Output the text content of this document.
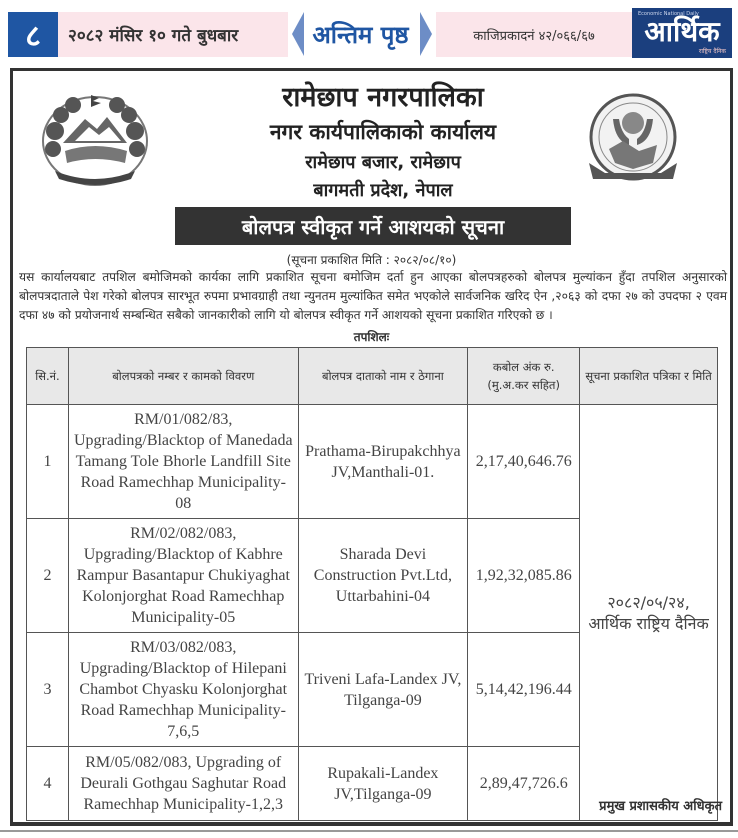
८	२०८२ मंसिर १० गते बुधबार	अन्तिम पृष्ठ	काजिप्रकादनं ४२/०६६/६७
Economic National Daily
आर्थिक
राष्ट्रिय दैनिक
रामेछाप नगरपालिका
नगर कार्यपालिकाको कार्यालय
रामेछाप बजार, रामेछाप
बागमती प्रदेश, नेपाल
बोलपत्र स्वीकृत गर्ने आशयको सूचना
(सूचना प्रकाशित मिति : २०८२/०८/१०)

यस कार्यालयबाट तपशिल बमोजिमको कार्यका लागि प्रकाशित सूचना बमोजिम दर्ता हुन आएका बोलपत्रहरुको बोलपत्र मुल्यांकन हुँदा तपशिल अनुसारको बोलपत्रदाताले पेश गरेको बोलपत्र सारभूत रुपमा प्रभावग्राही तथा न्युनतम मुल्यांकित समेत भएकोले सार्वजनिक खरिद ऐन ,२०६३ को दफा २७ को उपदफा २ एवम दफा ४७ को प्रयोजनार्थ सम्बन्धित सबैको जानकारीको लागि यो बोलपत्र स्वीकृत गर्ने आशयको सूचना प्रकाशित गरिएको छ ।

तपशिलः
सि.नं.	बोलपत्रको नम्बर र कामको विवरण	बोलपत्र दाताको नाम र ठेगाना	कबोल अंक रु. (मु.अ.कर सहित)	सूचना प्रकाशित पत्रिका र मिति
1	RM/01/082/83, Upgrading/Blacktop of Manedada Tamang Tole Bhorle Landfill Site Road Ramechhap Municipality-08	Prathama-Birupakchhya JV,Manthali-01.	2,17,40,646.76	२०८२/०५/२४,
आर्थिक राष्ट्रिय दैनिक

2	RM/02/082/083, Upgrading/Blacktop of Kabhre Rampur Basantapur Chukiyaghat Kolonjorghat Road Ramechhap Municipality-05	Sharada Devi Construction Pvt.Ltd, Uttarbahini-04	1,92,32,085.86	
3	RM/03/082/083, Upgrading/Blacktop of Hilepani Chambot Chyasku Kolonjorghat Road Ramechhap Municipality-7,6,5	Triveni Lafa-Landex JV, Tilganga-09	5,14,42,196.44	
4	RM/05/082/083, Upgrading of Deurali Gothgau Saghutar Road Ramechhap Municipality-1,2,3	Rupakali-Landex JV,Tilganga-09	2,89,47,726.6	
प्रमुख प्रशासकीय अधिकृत
